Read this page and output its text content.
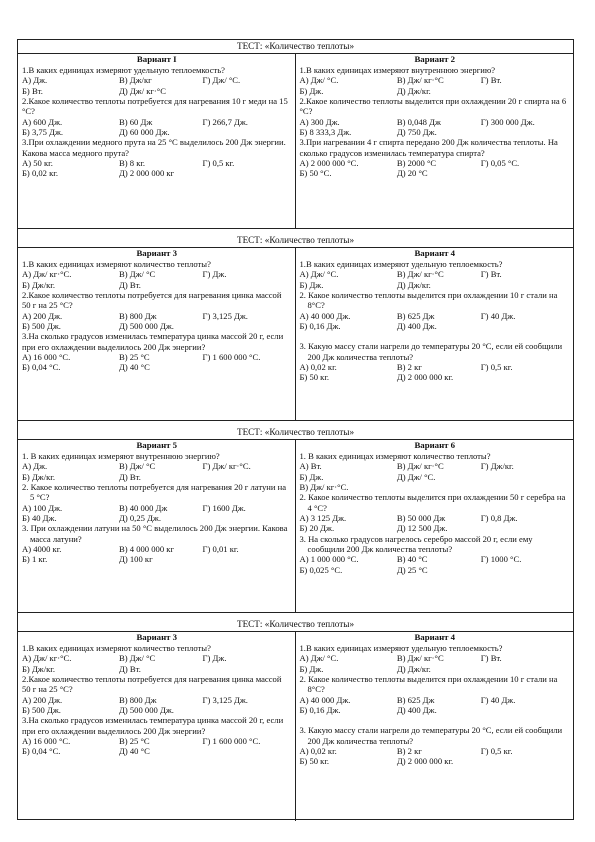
ТЕСТ: «Количество теплоты»
Вариант I
1.В каких единицах измеряют удельную теплоемкость?
А) Дж.	В) Дж/кг	Г) Дж/ °С.
Б) Вт.	Д) Дж/ кг·°С
2.Какое количество теплоты потребуется для нагревания 10 г меди на 15 °С?
А) 600 Дж.	В) 60 Дж	Г) 266,7 Дж.
Б) 3,75 Дж.	Д) 60 000 Дж.
3.При охлаждении медного прута на 25 °С выделилось 200 Дж энергии. Какова масса медного прута?
А) 50 кг.	В) 8 кг.	Г) 0,5 кг.
Б) 0,02 кг.	Д) 2 000 000 кг
Вариант 2
1.В каких единицах измеряют внутреннюю энергию?
А) Дж/ °С.	В) Дж/ кг·°С	Г) Вт.
Б) Дж.	Д) Дж/кг.
2.Какое количество теплоты выделится при охлаждении 20 г спирта на 6 °С?
А) 300 Дж.	В) 0,048 Дж	Г) 300 000 Дж.
Б) 8 333,3 Дж.	Д) 750 Дж.
3.При нагревании 4 г спирта передано 200 Дж количества теплоты. На сколько градусов изменилась температура спирта?
А) 2 000 000 °С.	В) 2000 °С	Г) 0,05 °С.
Б) 50 °С.	Д) 20 °С
ТЕСТ: «Количество теплоты»
Вариант 3
1.В каких единицах измеряют количество теплоты?
А) Дж/ кг·°С.	В) Дж/ °С	Г) Дж.
Б) Дж/кг.	Д) Вт.
2.Какое количество теплоты потребуется для нагревания цинка массой 50 г на 25 °С?
А) 200 Дж.	В) 800 Дж	Г) 3,125 Дж.
Б) 500 Дж.	Д) 500 000 Дж.
3.На сколько градусов изменилась температура цинка массой 20 г, если при его охлаждении выделилось 200 Дж энергии?
А) 16 000 °С.	В) 25 °С	Г) 1 600 000 °С.
Б) 0,04 °С.	Д) 40 °С
Вариант 4
1.В каких единицах измеряют удельную теплоемкость?
А) Дж/ °С.	В) Дж/ кг·°С	Г) Вт.
Б) Дж.	Д) Дж/кг.
2. Какое количество теплоты выделится при охлаждении 10 г стали на 8°С?
А) 40 000 Дж.	В) 625 Дж	Г) 40 Дж.
Б) 0,16 Дж.	Д) 400 Дж.
3. Какую массу стали нагрели до температуры 20 °С, если ей сообщили 200 Дж количества теплоты?
А) 0,02 кг.	В) 2 кг	Г) 0,5 кг.
Б) 50 кг.	Д) 2 000 000 кг.
ТЕСТ: «Количество теплоты»
Вариант 5
1. В каких единицах измеряют внутреннюю энергию?
А) Дж.	В) Дж/ °С	Г) Дж/ кг·°С.
Б) Дж/кг.	Д) Вт.
2. Какое количество теплоты потребуется для нагревания 20 г латуни на 5 °С?
А) 100 Дж.	В) 40 000 Дж	Г) 1600 Дж.
Б) 40 Дж.	Д) 0,25 Дж.
3. При охлаждении латуни на 50 °С выделилось 200 Дж энергии. Какова масса латуни?
А) 4000 кг.	В) 4 000 000 кг	Г) 0,01 кг.
Б) 1 кг.	Д) 100 кг
Вариант 6
1. В каких единицах измеряют количество теплоты?
А) Вт.	В) Дж/ кг·°С	Г) Дж/кг.
Б) Дж.	Д) Дж/ °С.
В) Дж/ кг·°С.
2. Какое количество теплоты выделится при охлаждении 50 г серебра на 4 °С?
А) 3 125 Дж.	В) 50 000 Дж	Г) 0,8 Дж.
Б) 20 Дж.	Д) 12 500 Дж.
3. На сколько градусов нагрелось серебро массой 20 г, если ему сообщили 200 Дж количества теплоты?
А) 1 000 000 °С.	В) 40 °С	Г) 1000 °С.
Б) 0,025 °С.	Д) 25 °С
ТЕСТ: «Количество теплоты»
Вариант 3
1.В каких единицах измеряют количество теплоты?
А) Дж/ кг·°С.	В) Дж/ °С	Г) Дж.
Б) Дж/кг.	Д) Вт.
2.Какое количество теплоты потребуется для нагревания цинка массой 50 г на 25 °С?
А) 200 Дж.	В) 800 Дж	Г) 3,125 Дж.
Б) 500 Дж.	Д) 500 000 Дж.
3.На сколько градусов изменилась температура цинка массой 20 г, если при его охлаждении выделилось 200 Дж энергии?
А) 16 000 °С.	В) 25 °С	Г) 1 600 000 °С.
Б) 0,04 °С.	Д) 40 °С
Вариант 4
1.В каких единицах измеряют удельную теплоемкость?
А) Дж/ °С.	В) Дж/ кг·°С	Г) Вт.
Б) Дж.	Д) Дж/кг.
2. Какое количество теплоты выделится при охлаждении 10 г стали на 8°С?
А) 40 000 Дж.	В) 625 Дж	Г) 40 Дж.
Б) 0,16 Дж.	Д) 400 Дж.
3. Какую массу стали нагрели до температуры 20 °С, если ей сообщили 200 Дж количества теплоты?
А) 0,02 кг.	В) 2 кг	Г) 0,5 кг.
Б) 50 кг.	Д) 2 000 000 кг.
